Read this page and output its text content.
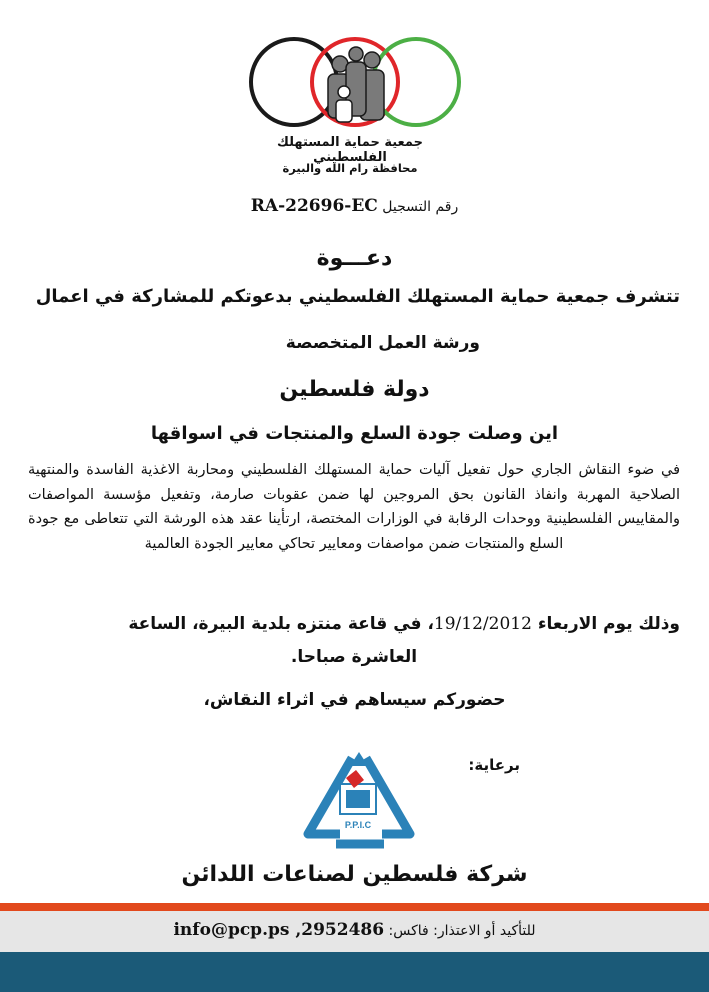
جمعية حماية المستهلك الفلسطيني
محافظة رام الله والبيرة
رقم التسجيل RA-22696-EC
دعـــوة
تتشرف جمعية حماية المستهلك الفلسطيني بدعوتكم للمشاركة في اعمال
ورشة العمل المتخصصة
دولة فلسطين
اين وصلت جودة السلع والمنتجات في اسواقها
في ضوء النقاش الجاري حول تفعيل آليات حماية المستهلك الفلسطيني ومحاربة الاغذية الفاسدة والمنتهية الصلاحية المهربة وانفاذ القانون بحق المروجين لها ضمن عقوبات صارمة، وتفعيل مؤسسة المواصفات والمقاييس الفلسطينية ووحدات الرقابة في الوزارات المختصة، ارتأينا عقد هذه الورشة التي تتعاطى مع جودة السلع والمنتجات ضمن مواصفات ومعايير تحاكي معايير الجودة العالمية
وذلك يوم الاربعاء 19/12/2012، في قاعة منتزه بلدية البيرة، الساعة
العاشرة صباحا.
حضوركم سيساهم في اثراء النقاش،
برعاية:
P.P.I.C
شركة فلسطين لصناعات اللدائن
للتأكيد أو الاعتذار: فاكس: info@pcp.ps ,2952486
